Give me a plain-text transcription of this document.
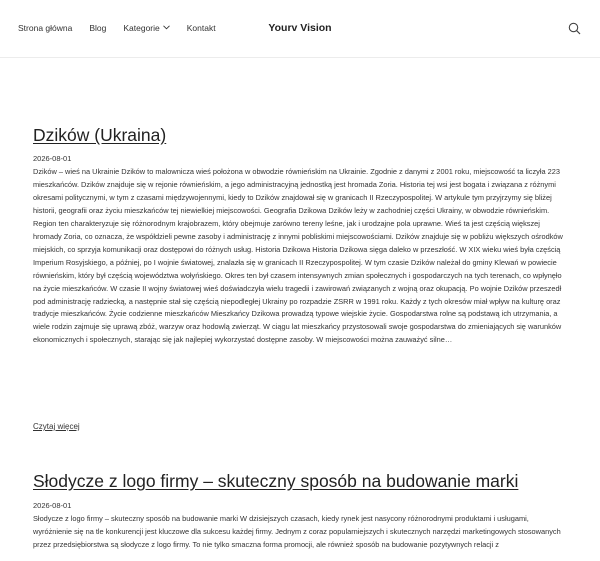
Strona główna Blog Kategorie	Kontakt	Yourv Vision
Dzików (Ukraina)
2026-08-01
Dzików – wieś na Ukrainie Dzików to malownicza wieś położona w obwodzie równieńskim na Ukrainie. Zgodnie z danymi z 2001 roku, miejscowość ta liczyła 223 mieszkańców. Dzików znajduje się w rejonie równieńskim, a jego administracyjną jednostką jest hromada Zoria. Historia tej wsi jest bogata i związana z różnymi okresami politycznymi, w tym z czasami międzywojennymi, kiedy to Dzików znajdował się w granicach II Rzeczypospolitej. W artykule tym przyjrzymy się bliżej historii, geografii oraz życiu mieszkańców tej niewielkiej miejscowości. Geografia Dzikowa Dzików leży w zachodniej części Ukrainy, w obwodzie równieńskim. Region ten charakteryzuje się różnorodnym krajobrazem, który obejmuje zarówno tereny leśne, jak i urodzajne pola uprawne. Wieś ta jest częścią większej hromady Zoria, co oznacza, że współdzieli pewne zasoby i administrację z innymi pobliskimi miejscowościami. Dzików znajduje się w pobliżu większych ośrodków miejskich, co sprzyja komunikacji oraz dostępowi do różnych usług. Historia Dzikowa Historia Dzikowa sięga daleko w przeszłość. W XIX wieku wieś była częścią Imperium Rosyjskiego, a później, po I wojnie światowej, znalazła się w granicach II Rzeczypospolitej. W tym czasie Dzików należał do gminy Klewań w powiecie równieńskim, który był częścią województwa wołyńskiego. Okres ten był czasem intensywnych zmian społecznych i gospodarczych na tych terenach, co wpłynęło na życie mieszkańców. W czasie II wojny światowej wieś doświadczyła wielu tragedii i zawirowań związanych z wojną oraz okupacją. Po wojnie Dzików przeszedł pod administrację radziecką, a następnie stał się częścią niepodległej Ukrainy po rozpadzie ZSRR w 1991 roku. Każdy z tych okresów miał wpływ na kulturę oraz tradycje mieszkańców. Życie codzienne mieszkańców Mieszkańcy Dzikowa prowadzą typowe wiejskie życie. Gospodarstwa rolne są podstawą ich utrzymania, a wiele rodzin zajmuje się uprawą zbóż, warzyw oraz hodowlą zwierząt. W ciągu lat mieszkańcy przystosowali swoje gospodarstwa do zmieniających się warunków ekonomicznych i społecznych, starając się jak najlepiej wykorzystać dostępne zasoby. W miejscowości można zauważyć silne…
Czytaj więcej
Słodycze z logo firmy – skuteczny sposób na budowanie marki
2026-08-01
Słodycze z logo firmy – skuteczny sposób na budowanie marki W dzisiejszych czasach, kiedy rynek jest nasycony różnorodnymi produktami i usługami, wyróżnienie się na tle konkurencji jest kluczowe dla sukcesu każdej firmy. Jednym z coraz popularniejszych i skutecznych narzędzi marketingowych stosowanych przez przedsiębiorstwa są słodycze z logo firmy. To nie tylko smaczna forma promocji, ale również sposób na budowanie pozytywnych relacji z
